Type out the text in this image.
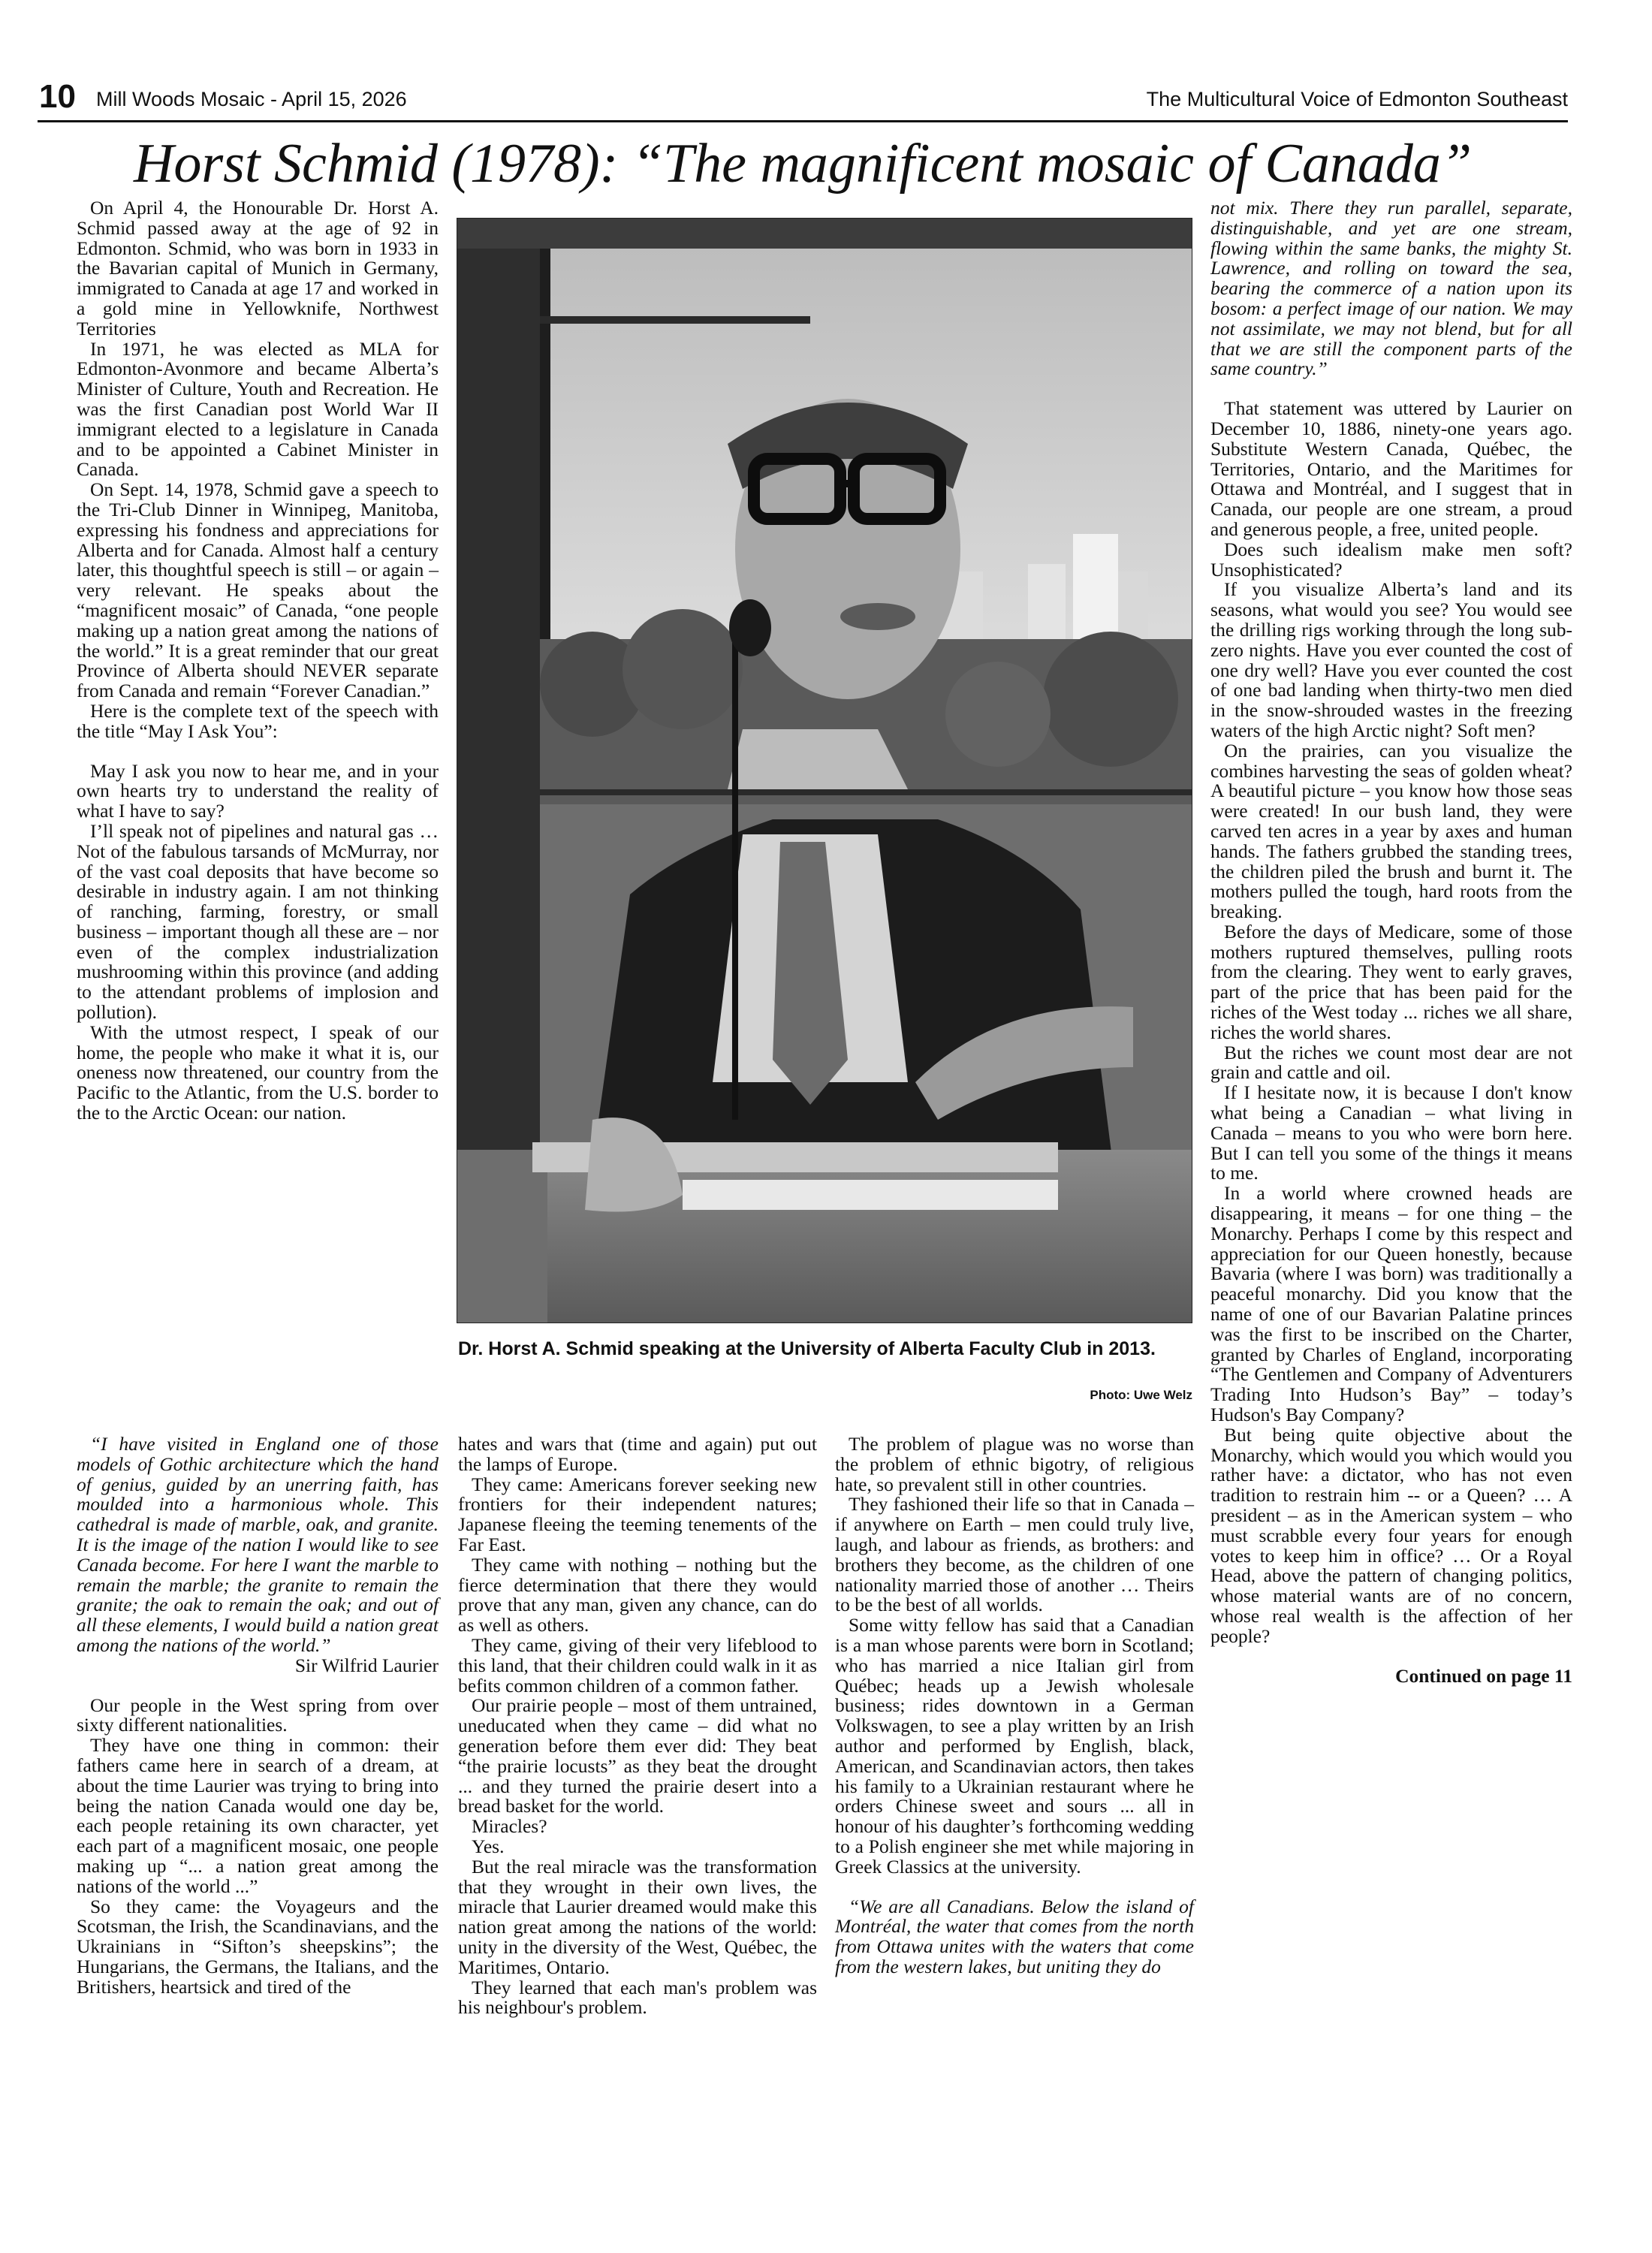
10 Mill Woods Mosaic - April 15, 2026	The Multicultural Voice of Edmonton Southeast
Horst Schmid (1978): “The magnificent mosaic of Canada”

On April 4, the Honourable Dr. Horst A. Schmid passed away at the age of 92 in Edmonton. Schmid, who was born in 1933 in the Bavarian capital of Munich in Germany, immigrated to Canada at age 17 and worked in a gold mine in Yellowknife, Northwest Territories

In 1971, he was elected as MLA for Edmonton-Avonmore and became Alberta’s Minister of Culture, Youth and Recreation. He was the first Canadian post World War II immigrant elected to a legislature in Canada and to be appointed a Cabinet Minister in Canada.

On Sept. 14, 1978, Schmid gave a speech to the Tri-Club Dinner in Winnipeg, Manitoba, expressing his fondness and appreciations for Alberta and for Canada. Almost half a century later, this thoughtful speech is still – or again – very relevant. He speaks about the “magnificent mosaic” of Canada, “one people making up a nation great among the nations of the world.” It is a great reminder that our great Province of Alberta should NEVER separate from Canada and remain “Forever Canadian.”

Here is the complete text of the speech with the title “May I Ask You”:

May I ask you now to hear me, and in your own hearts try to understand the reality of what I have to say?

I’ll speak not of pipelines and natural gas … Not of the fabulous tarsands of McMurray, nor of the vast coal deposits that have become so desirable in industry again. I am not thinking of ranching, farming, forestry, or small business – important though all these are – nor even of the complex industrialization mushrooming within this province (and adding to the attendant problems of implosion and pollution).

With the utmost respect, I speak of our home, the people who make it what it is, our oneness now threatened, our country from the Pacific to the Atlantic, from the U.S. border to the to the Arctic Ocean: our nation.

“I have visited in England one of those models of Gothic architecture which the hand of genius, guided by an unerring faith, has moulded into a harmonious whole. This cathedral is made of marble, oak, and granite. It is the image of the nation I would like to see Canada become. For here I want the marble to remain the marble; the granite to remain the granite; the oak to remain the oak; and out of all these elements, I would build a nation great among the nations of the world.”

Sir Wilfrid Laurier

Our people in the West spring from over sixty different nationalities.

They have one thing in common: their fathers came here in search of a dream, at about the time Laurier was trying to bring into being the nation Canada would one day be, each people retaining its own character, yet each part of a magnificent mosaic, one people making up “... a nation great among the nations of the world ...”

So they came: the Voyageurs and the Scotsman, the Irish, the Scandinavians, and the Ukrainians in “Sifton’s sheepskins”; the Hungarians, the Germans, the Italians, and the Britishers, heartsick and tired of the

Dr. Horst A. Schmid speaking at the University of Alberta Faculty Club in 2013.
Photo: Uwe Welz

hates and wars that (time and again) put out the lamps of Europe.

They came: Americans forever seeking new frontiers for their independent natures; Japanese fleeing the teeming tenements of the Far East.

They came with nothing – nothing but the fierce determination that there they would prove that any man, given any chance, can do as well as others.

They came, giving of their very lifeblood to this land, that their children could walk in it as befits common children of a common father.

Our prairie people – most of them untrained, uneducated when they came – did what no generation before them ever did: They beat “the prairie locusts” as they beat the drought ... and they turned the prairie desert into a bread basket for the world.

Miracles?

Yes.

But the real miracle was the transformation that they wrought in their own lives, the miracle that Laurier dreamed would make this nation great among the nations of the world: unity in the diversity of the West, Québec, the Maritimes, Ontario.

They learned that each man's problem was his neighbour's problem.

The problem of plague was no worse than the problem of ethnic bigotry, of religious hate, so prevalent still in other countries.

They fashioned their life so that in Canada – if anywhere on Earth – men could truly live, laugh, and labour as friends, as brothers: and brothers they become, as the children of one nationality married those of another … Theirs to be the best of all worlds.

Some witty fellow has said that a Canadian is a man whose parents were born in Scotland; who has married a nice Italian girl from Québec; heads up a Jewish wholesale business; rides downtown in a German Volkswagen, to see a play written by an Irish author and performed by English, black, American, and Scandinavian actors, then takes his family to a Ukrainian restaurant where he orders Chinese sweet and sours ... all in honour of his daughter’s forthcoming wedding to a Polish engineer she met while majoring in Greek Classics at the university.

“We are all Canadians. Below the island of Montréal, the water that comes from the north from Ottawa unites with the waters that come from the western lakes, but uniting they do

not mix. There they run parallel, separate, distinguishable, and yet are one stream, flowing within the same banks, the mighty St. Lawrence, and rolling on toward the sea, bearing the commerce of a nation upon its bosom: a perfect image of our nation. We may not assimilate, we may not blend, but for all that we are still the component parts of the same country.”

That statement was uttered by Laurier on December 10, 1886, ninety-one years ago. Substitute Western Canada, Québec, the Territories, Ontario, and the Maritimes for Ottawa and Montréal, and I suggest that in Canada, our people are one stream, a proud and generous people, a free, united people.

Does such idealism make men soft? Unsophisticated?

If you visualize Alberta’s land and its seasons, what would you see? You would see the drilling rigs working through the long sub-zero nights. Have you ever counted the cost of one dry well? Have you ever counted the cost of one bad landing when thirty-two men died in the snow-shrouded wastes in the freezing waters of the high Arctic night? Soft men?

On the prairies, can you visualize the combines harvesting the seas of golden wheat? A beautiful picture – you know how those seas were created! In our bush land, they were carved ten acres in a year by axes and human hands. The fathers grubbed the standing trees, the children piled the brush and burnt it. The mothers pulled the tough, hard roots from the breaking.

Before the days of Medicare, some of those mothers ruptured themselves, pulling roots from the clearing. They went to early graves, part of the price that has been paid for the riches of the West today ... riches we all share, riches the world shares.

But the riches we count most dear are not grain and cattle and oil.

If I hesitate now, it is because I don't know what being a Canadian – what living in Canada – means to you who were born here. But I can tell you some of the things it means to me.

In a world where crowned heads are disappearing, it means – for one thing – the Monarchy. Perhaps I come by this respect and appreciation for our Queen honestly, because Bavaria (where I was born) was traditionally a peaceful monarchy. Did you know that the name of one of our Bavarian Palatine princes was the first to be inscribed on the Charter, granted by Charles of England, incorporating “The Gentlemen and Company of Adventurers Trading Into Hudson’s Bay” – today’s Hudson's Bay Company?

But being quite objective about the Monarchy, which would you which would you rather have: a dictator, who has not even tradition to restrain him -- or a Queen? … A president – as in the American system – who must scrabble every four years for enough votes to keep him in office? … Or a Royal Head, above the pattern of changing politics, whose material wants are of no concern, whose real wealth is the affection of her people?

Continued on page 11
